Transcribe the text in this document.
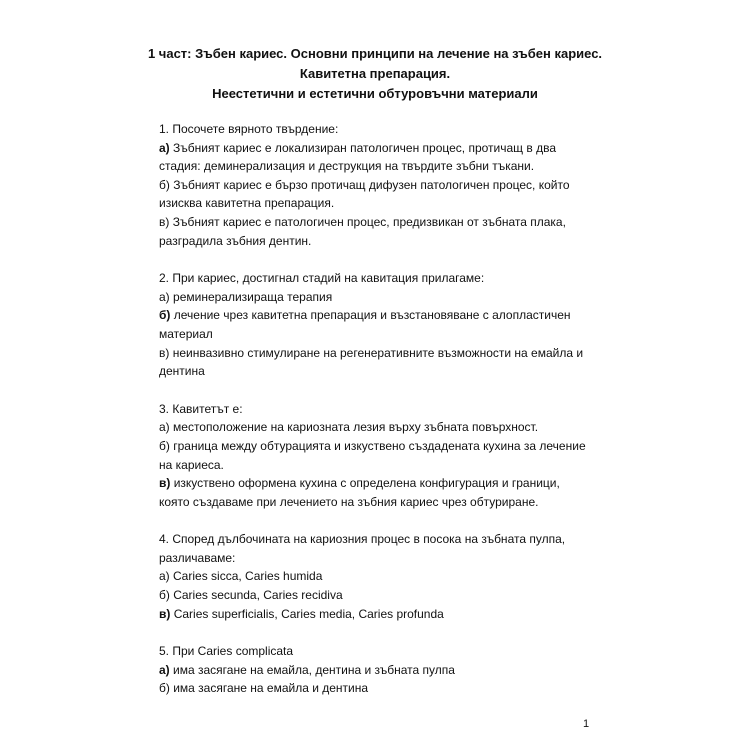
1 част: Зъбен кариес. Основни принципи на лечение на зъбен кариес.
Кавитетна препарация.
Неестетични и естетични обтуровъчни материали
1. Посочете вярното твърдение:
а) Зъбният кариес е локализиран патологичен процес, протичащ в два стадия: деминерализация и деструкция на твърдите зъбни тъкани.
б) Зъбният кариес е бързо протичащ дифузен патологичен процес, който изисква кавитетна препарация.
в) Зъбният кариес е патологичен процес, предизвикан от зъбната плака, разградила зъбния дентин.
2. При кариес, достигнал стадий на кавитация прилагаме:
а) реминерализираща терапия
б) лечение чрез кавитетна препарация и възстановяване с алопластичен материал
в) неинвазивно стимулиране на регенеративните възможности на емайла и дентина
3. Кавитетът е:
а) местоположение на кариозната лезия върху зъбната повърхност.
б) граница между обтурацията и изкуствено създадената кухина за лечение на кариеса.
в) изкуствено оформена кухина с определена конфигурация и граници, която създаваме при лечението на зъбния кариес чрез обтуриране.
4. Според дълбочината на кариозния процес в посока на зъбната пулпа, различаваме:
а) Caries sicca, Caries humida
б) Caries secunda, Caries recidiva
в) Caries superficialis, Caries media, Caries profunda
5. При Caries complicata
а) има засягане на емайла, дентина и зъбната пулпа
б) има засягане на емайла и дентина
1
